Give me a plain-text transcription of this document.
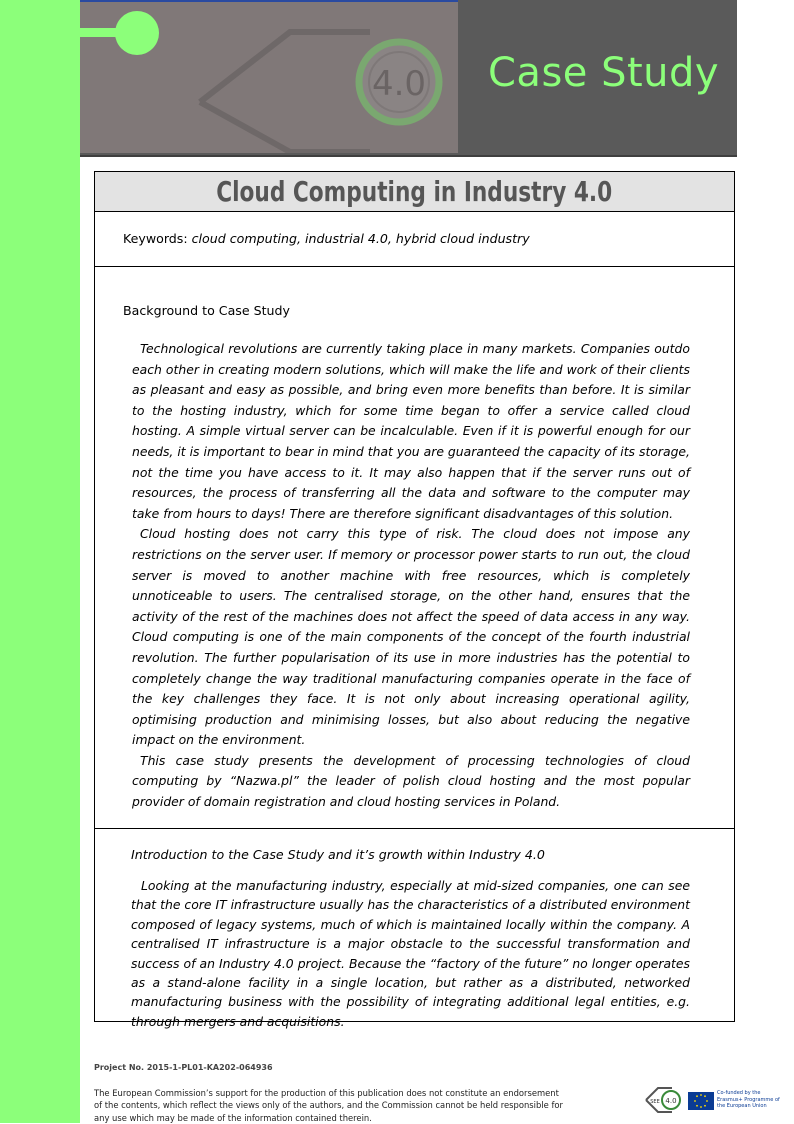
4.0 Case Study
Cloud Computing in Industry 4.0
Keywords: cloud computing, industrial 4.0, hybrid cloud industry
Background to Case Study

Technological revolutions are currently taking place in many markets. Companies outdo each other in creating modern solutions, which will make the life and work of their clients as pleasant and easy as possible, and bring even more benefits than before. It is similar to the hosting industry, which for some time began to offer a service called cloud hosting. A simple virtual server can be incalculable. Even if it is powerful enough for our needs, it is important to bear in mind that you are guaranteed the capacity of its storage, not the time you have access to it. It may also happen that if the server runs out of resources, the process of transferring all the data and software to the computer may take from hours to days! There are therefore significant disadvantages of this solution.

Cloud hosting does not carry this type of risk. The cloud does not impose any restrictions on the server user. If memory or processor power starts to run out, the cloud server is moved to another machine with free resources, which is completely unnoticeable to users. The centralised storage, on the other hand, ensures that the activity of the rest of the machines does not affect the speed of data access in any way. Cloud computing is one of the main components of the concept of the fourth industrial revolution. The further popularisation of its use in more industries has the potential to completely change the way traditional manufacturing companies operate in the face of the key challenges they face. It is not only about increasing operational agility, optimising production and minimising losses, but also about reducing the negative impact on the environment.

This case study presents the development of processing technologies of cloud computing by “Nazwa.pl” the leader of polish cloud hosting and the most popular provider of domain registration and cloud hosting services in Poland.

Introduction to the Case Study and it’s growth within Industry 4.0

Looking at the manufacturing industry, especially at mid-sized companies, one can see that the core IT infrastructure usually has the characteristics of a distributed environment composed of legacy systems, much of which is maintained locally within the company. A centralised IT infrastructure is a major obstacle to the successful transformation and success of an Industry 4.0 project. Because the “factory of the future” no longer operates as a stand-alone facility in a single location, but rather as a distributed, networked manufacturing business with the possibility of integrating additional legal entities, e.g. through mergers and acquisitions.

Project No. 2015-1-PL01-KA202-064936
The European Commission’s support for the production of this publication does not constitute an endorsement of the contents, which reflect the views only of the authors, and the Commission cannot be held responsible for any use which may be made of the information contained therein.
4.0
SEE
Co-funded by the Erasmus+ Programme of the European Union
